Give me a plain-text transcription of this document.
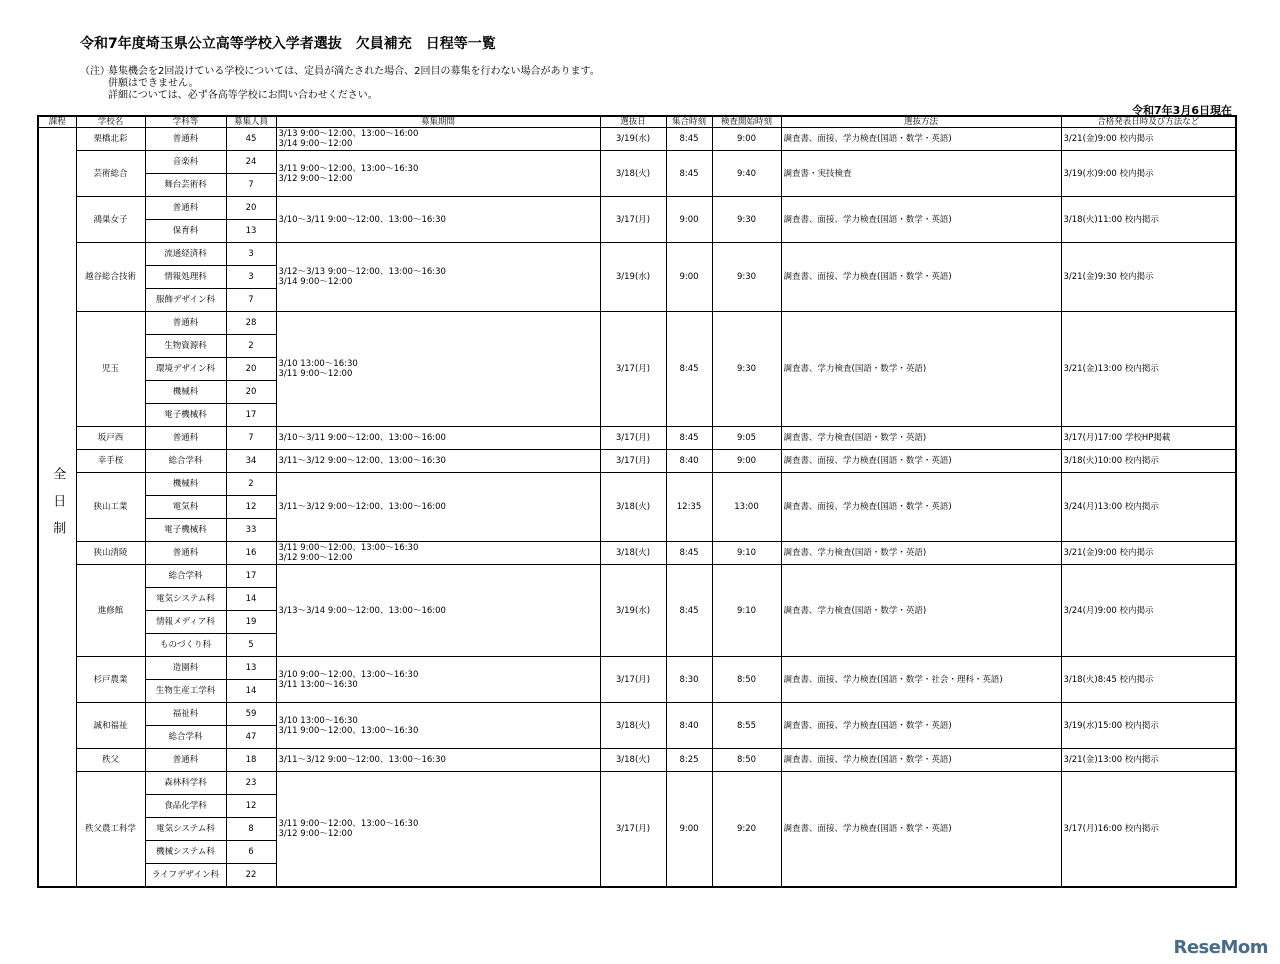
令和7年度埼玉県公立高等学校入学者選抜　欠員補充　日程等一覧
（注）
募集機会を2回設けている学校については、定員が満たされた場合、2回目の募集を行わない場合があります。
併願はできません。
詳細については、必ず各高等学校にお問い合わせください。
令和7年3月6日現在
課程	学校名	学科等	募集人員	募集期間	選抜日	集合時刻	検査開始時刻	選抜方法	合格発表日時及び方法など
全日制	栗橋北彩	普通科	45	3/13 9:00～12:00、13:00～16:00
3/14 9:00～12:00	3/19(水)	8:45	9:00	調査書、面接、学力検査(国語・数学・英語)	3/21(金)9:00 校内掲示
	芸術総合	音楽科	24	3/11 9:00～12:00、13:00～16:30
3/12 9:00～12:00	3/18(火)	8:45	9:40	調査書・実技検査	3/19(水)9:00 校内掲示
		舞台芸術科	7						
	鴻巣女子	普通科	20	3/10～3/11 9:00～12:00、13:00～16:30	3/17(月)	9:00	9:30	調査書、面接、学力検査(国語・数学・英語)	3/18(火)11:00 校内掲示
		保育科	13						
	越谷総合技術	流通経済科	3	3/12～3/13 9:00～12:00、13:00～16:30
3/14 9:00～12:00	3/19(水)	9:00	9:30	調査書、面接、学力検査(国語・数学・英語)	3/21(金)9:30 校内掲示
		情報処理科	3						
		服飾デザイン科	7						
	児玉	普通科	28	3/10 13:00～16:30
3/11 9:00～12:00	3/17(月)	8:45	9:30	調査書、学力検査(国語・数学・英語)	3/21(金)13:00 校内掲示
		生物資源科	2						
		環境デザイン科	20						
		機械科	20						
		電子機械科	17						
	坂戸西	普通科	7	3/10～3/11 9:00～12:00、13:00～16:00	3/17(月)	8:45	9:05	調査書、学力検査(国語・数学・英語)	3/17(月)17:00 学校HP掲載
	幸手桜	総合学科	34	3/11～3/12 9:00～12:00、13:00～16:30	3/17(月)	8:40	9:00	調査書、面接、学力検査(国語・数学・英語)	3/18(火)10:00 校内掲示
	狭山工業	機械科	2	3/11～3/12 9:00～12:00、13:00～16:00	3/18(火)	12:35	13:00	調査書、面接、学力検査(国語・数学・英語)	3/24(月)13:00 校内掲示
		電気科	12						
		電子機械科	33						
	狭山清陵	普通科	16	3/11 9:00～12:00、13:00～16:30
3/12 9:00～12:00	3/18(火)	8:45	9:10	調査書、学力検査(国語・数学・英語)	3/21(金)9:00 校内掲示
	進修館	総合学科	17	3/13～3/14 9:00～12:00、13:00～16:00	3/19(水)	8:45	9:10	調査書、学力検査(国語・数学・英語)	3/24(月)9:00 校内掲示
		電気システム科	14						
		情報メディア科	19						
		ものづくり科	5						
	杉戸農業	造園科	13	3/10 9:00～12:00、13:00～16:30
3/11 13:00～16:30	3/17(月)	8:30	8:50	調査書、面接、学力検査(国語・数学・社会・理科・英語)	3/18(火)8:45 校内掲示
		生物生産工学科	14						
	誠和福祉	福祉科	59	3/10 13:00～16:30
3/11 9:00～12:00、13:00～16:30	3/18(火)	8:40	8:55	調査書、面接、学力検査(国語・数学・英語)	3/19(水)15:00 校内掲示
		総合学科	47						
	秩父	普通科	18	3/11～3/12 9:00～12:00、13:00～16:30	3/18(火)	8:25	8:50	調査書、面接、学力検査(国語・数学・英語)	3/21(金)13:00 校内掲示
	秩父農工科学	森林科学科	23	3/11 9:00～12:00、13:00～16:30
3/12 9:00～12:00	3/17(月)	9:00	9:20	調査書、面接、学力検査(国語・数学・英語)	3/17(月)16:00 校内掲示
		食品化学科	12						
		電気システム科	8						
		機械システム科	6						
		ライフデザイン科	22						
ReseMom
